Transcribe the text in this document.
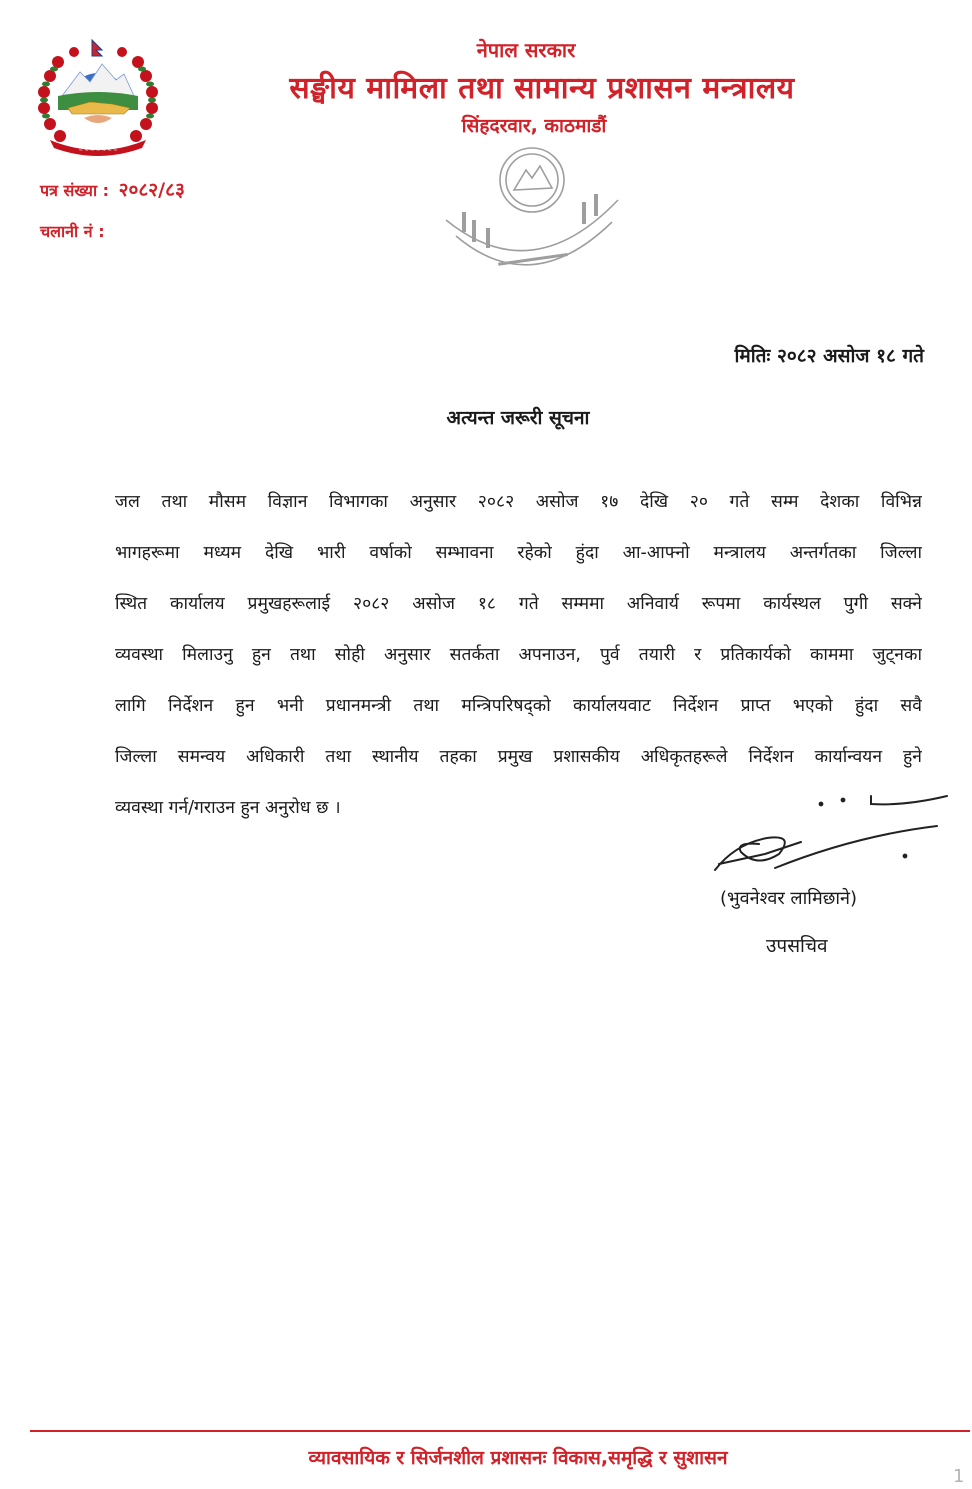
~ ~ ~ ~ ~ ~ ~
नेपाल सरकार
सङ्घीय मामिला तथा सामान्य प्रशासन मन्त्रालय
सिंहदरवार, काठमाडौं
पत्र संख्या : २०८२/८३
चलानी नं :
मितिः २०८२ असोज १८ गते
अत्यन्त जरूरी सूचना
जल तथा मौसम विज्ञान विभागका अनुसार २०८२ असोज १७ देखि २० गते सम्म देशका विभिन्न
भागहरूमा मध्यम देखि भारी वर्षाको सम्भावना रहेको हुंदा आ-आफ्नो मन्त्रालय अन्तर्गतका जिल्ला
स्थित कार्यालय प्रमुखहरूलाई २०८२ असोज १८ गते सम्ममा अनिवार्य रूपमा कार्यस्थल पुगी सक्ने
व्यवस्था मिलाउनु हुन तथा सोही अनुसार सतर्कता अपनाउन, पुर्व तयारी र प्रतिकार्यको काममा जुट्नका
लागि निर्देशन हुन भनी प्रधानमन्त्री तथा मन्त्रिपरिषद्को कार्यालयवाट निर्देशन प्राप्त भएको हुंदा सवै
जिल्ला समन्वय अधिकारी तथा स्थानीय तहका प्रमुख प्रशासकीय अधिकृतहरूले निर्देशन कार्यान्वयन हुने
व्यवस्था गर्न/गराउन हुन अनुरोध छ ।
(भुवनेश्वर लामिछाने)
उपसचिव
व्यावसायिक र सिर्जनशील प्रशासनः विकास,समृद्धि र सुशासन
1
